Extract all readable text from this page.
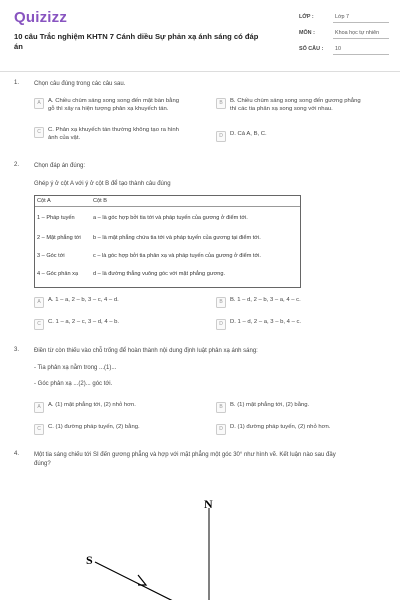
Quizizz
10 câu Trắc nghiệm KHTN 7 Cánh diều Sự phản xạ ánh sáng có đáp án
LỚP :	Lớp 7
MÔN :	Khoa học tự nhiên
SỐ CÂU : 10
1. Chọn câu đúng trong các câu sau.
A	A. Chiều chùm sáng song song đến mặt bàn bằng
gỗ thì xảy ra hiện tượng phản xạ khuyếch tán.
B	B. Chiều chùm sáng song song đến gương phẳng
thì các tia phản xạ song song với nhau.
C	C. Phản xạ khuyếch tán thường không tạo ra hình
ảnh của vật.	D	D. Cả A, B, C.
2. Chọn đáp án đúng:
Ghép ý ở cột A với ý ở cột B để tạo thành câu đúng
Cột A	Cột B
1 – Pháp tuyến	a – là góc hợp bởi tia tới và pháp tuyến của gương ở điểm tới.
2 – Mặt phẳng tới	b – là mặt phẳng chứa tia tới và pháp tuyến của gương tại điểm tới.
3 – Góc tới	c – là góc hợp bởi tia phản xạ và pháp tuyến của gương ở điểm tới.
4 – Góc phản xạ	d – là đường thẳng vuông góc với mặt phẳng gương.
A	A. 1 – a, 2 – b, 3 – c, 4 – d.	B	B. 1 – d, 2 – b, 3 – a, 4 – c.
C	C. 1 – a, 2 – c, 3 – d, 4 – b.	D	D. 1 – d, 2 – a, 3 – b, 4 – c.
3. Điền từ còn thiếu vào chỗ trống để hoàn thành nội dung định luật phản xạ ánh sáng:
- Tia phản xạ nằm trong ...(1)...
- Góc phản xạ ...(2)... góc tới.
A	A. (1) mặt phẳng tới, (2) nhỏ hơn.	B	B. (1) mặt phẳng tới, (2) bằng.
C	C. (1) đường pháp tuyến, (2) bằng.	D	D. (1) đường pháp tuyến, (2) nhỏ hơn.
4. Một tia sáng chiếu tới SI đến gương phẳng và hợp với mặt phẳng một góc 30° như hình vẽ. Kết luận nào sau đây
đúng?
N
S
